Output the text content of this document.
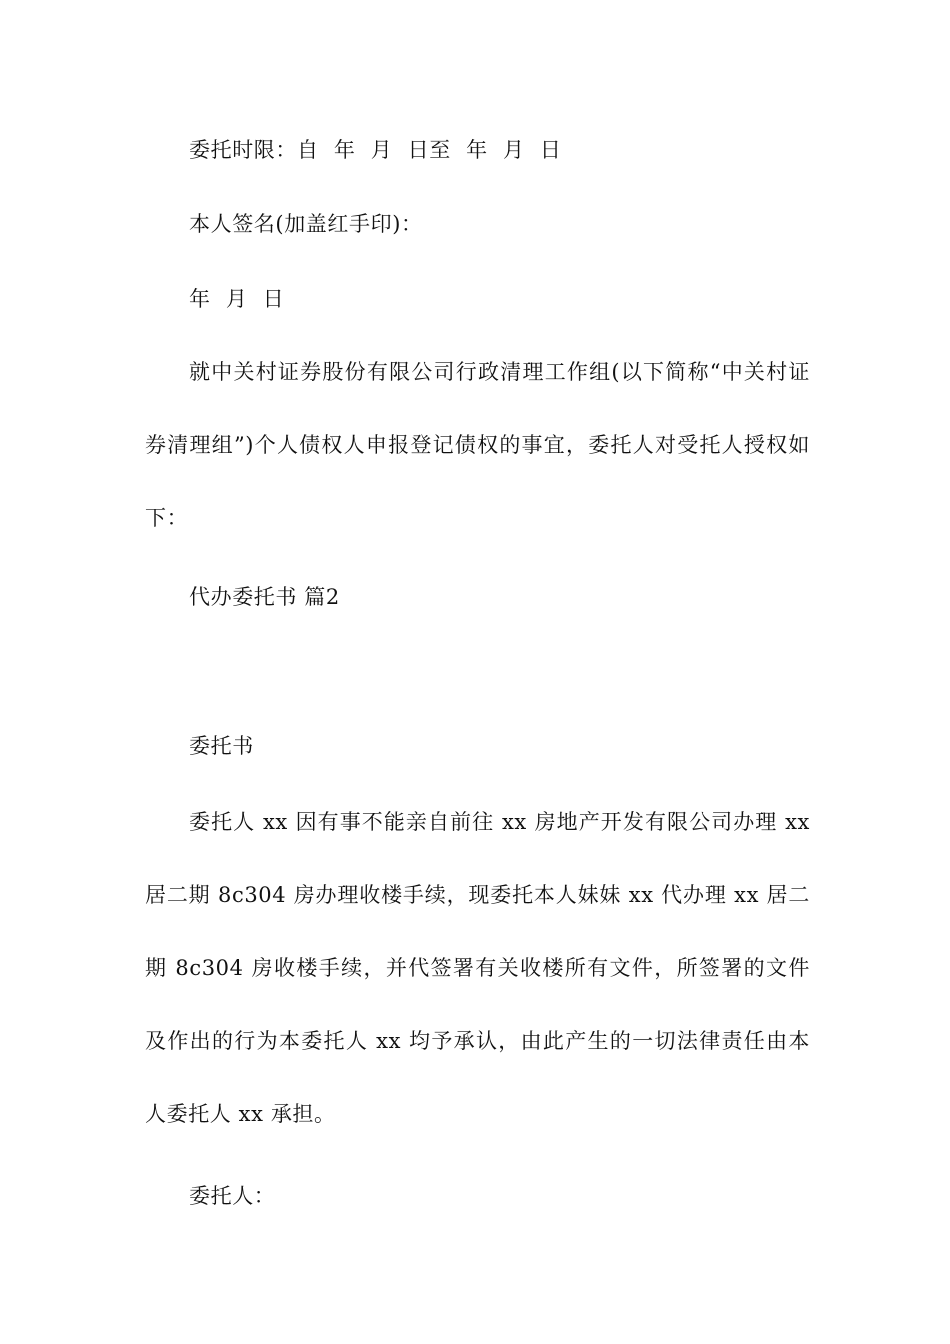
委托时限：自 年 月 日至 年 月 日

本人签名(加盖红手印)：

年 月 日

就中关村证券股份有限公司行政清理工作组(以下简称“中关村证券清理组”)个人债权人申报登记债权的事宜，委托人对受托人授权如下：

代办委托书 篇2

委托书

委托人 xx 因有事不能亲自前往 xx 房地产开发有限公司办理 xx 居二期 8c304 房办理收楼手续，现委托本人妹妹 xx 代办理 xx 居二期 8c304 房收楼手续，并代签署有关收楼所有文件，所签署的文件及作出的行为本委托人 xx 均予承认，由此产生的一切法律责任由本人委托人 xx 承担。

委托人：
